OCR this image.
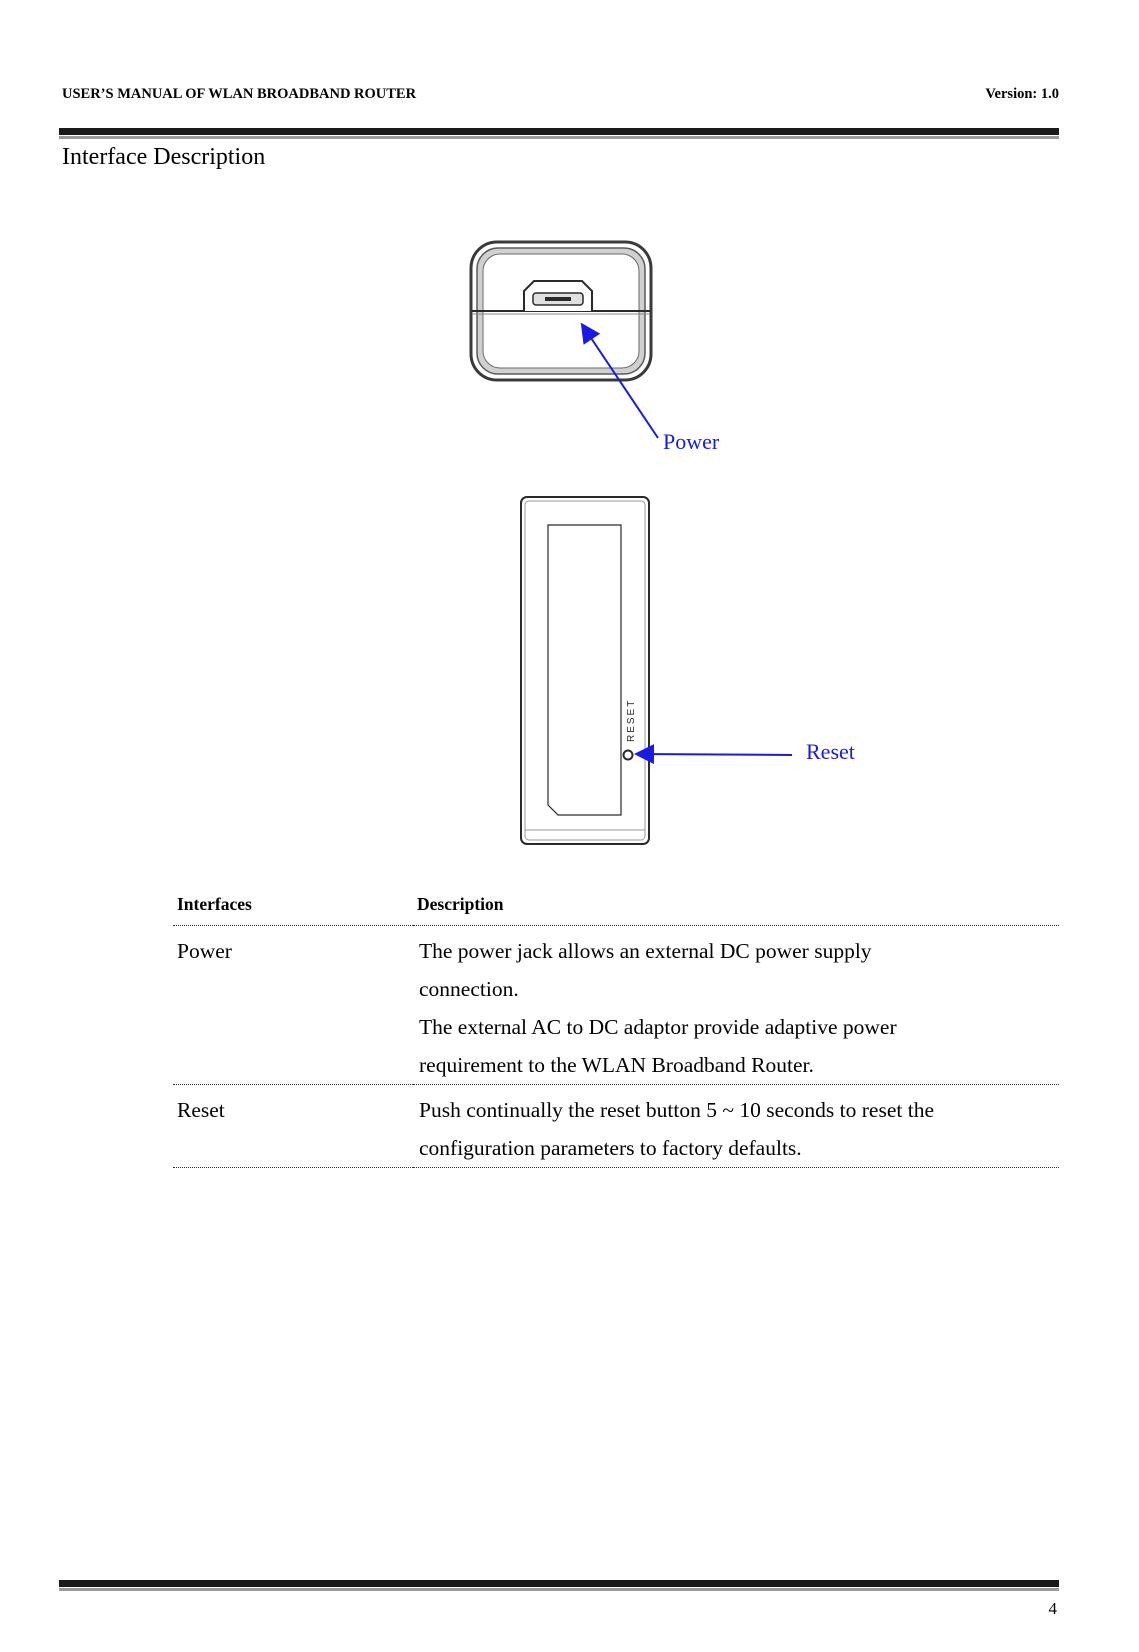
USER’S MANUAL OF WLAN BROADBAND ROUTER	Version: 1.0
Interface Description
Power
RESET
Reset
Interfaces	Description
Power	The power jack allows an external DC power supply
connection.
The external AC to DC adaptor provide adaptive power
requirement to the WLAN Broadband Router.

Reset	Push continually the reset button 5 ~ 10 seconds to reset the
configuration parameters to factory defaults.
4
